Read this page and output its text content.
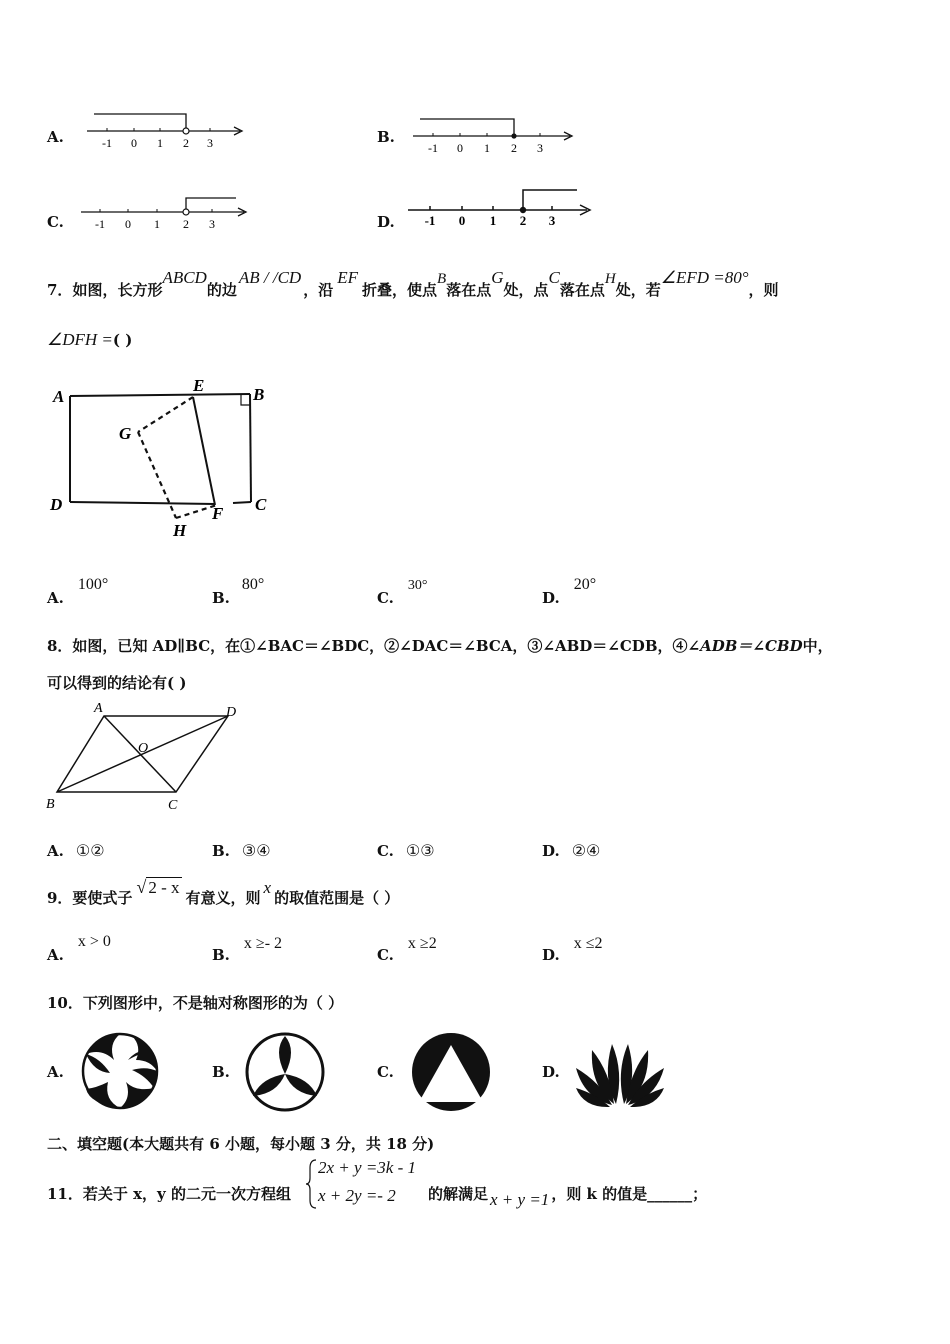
A.	-1 0 1 2 3	B.
-1 0 1 2 3
C.	-1 0 1 2 3	D. -1 0 1 2 3
7．如图，长方形ABCD的边AB / /CD，沿EF折叠，使点B落在点G处，点C落在点H处，若∠EFD =80°，则
∠DFH =( )
A
E	B
G
D	C
H
F
A.100°
B.80°
C.30°
D.20°
8．如图，已知 AD∥BC，在①∠BAC＝∠BDC，②∠DAC＝∠BCA，③∠ABD＝∠CDB，④∠ADB＝∠CBD中，
可以得到的结论有( )
A	D
O
B	C
A. ①②	B. ③④	C. ①③	D. ②④
9．要使式子√ 2 - x有意义，则x的取值范围是（ ）
A.x > 0
B.x ≥- 2
C.x ≥2
D.x ≤2
10．下列图形中，不是轴对称图形的为（ ）
A.	B.	C.	D.
二、填空题(本大题共有 6 小题，每小题 3 分，共 18 分)
11．若关于 x，y 的二元一次方程组
2x + y =3k - 1
x + 2y =- 2 的解满足 x + y =1 ，则 k 的值是______；
